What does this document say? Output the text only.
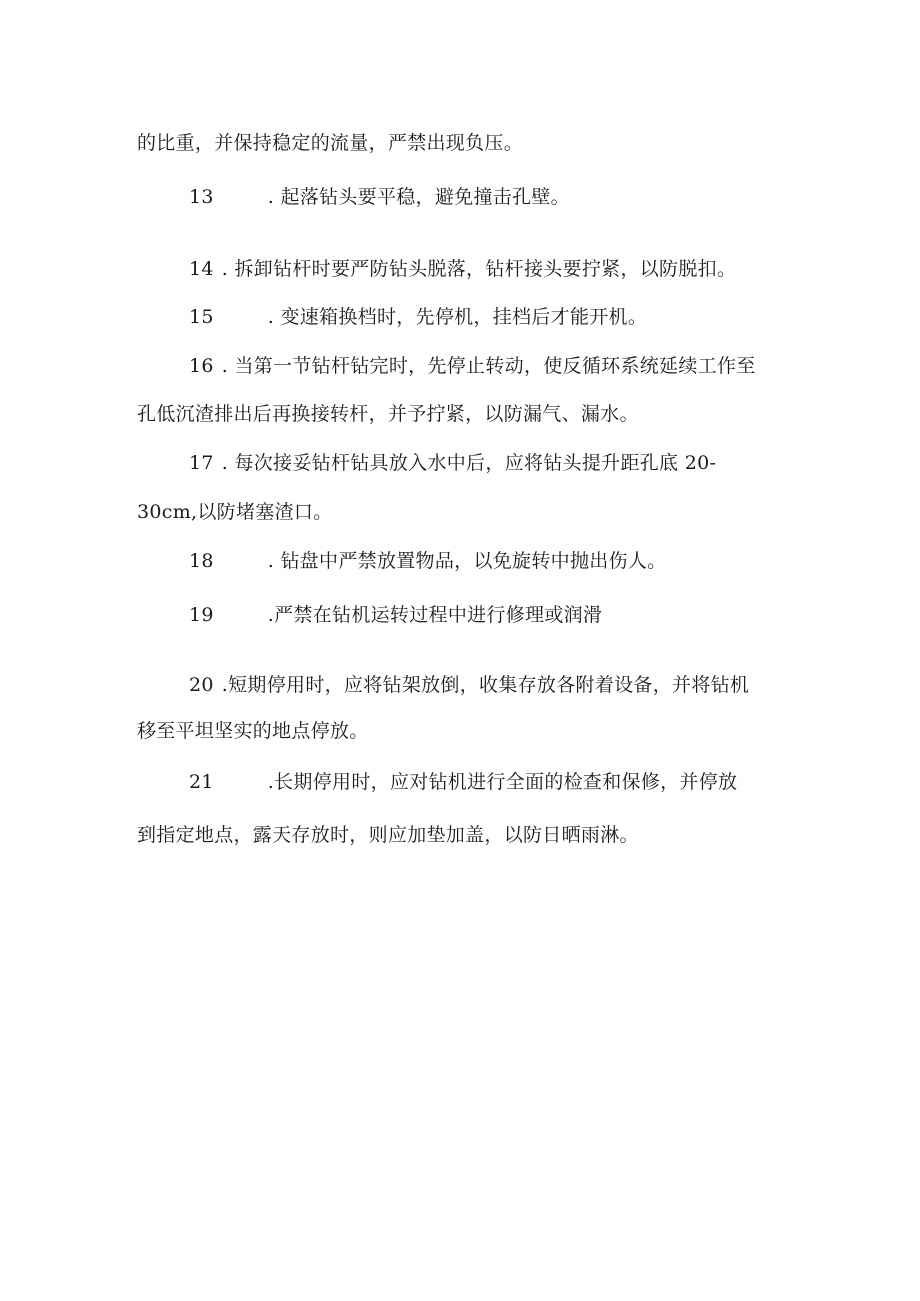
的比重，并保持稳定的流量，严禁出现负压。
13	. 起落钻头要平稳，避免撞击孔壁。
14 . 拆卸钻杆时要严防钻头脱落，钻杆接头要拧紧，以防脱扣。
15	. 变速箱换档时，先停机，挂档后才能开机。
16 . 当第一节钻杆钻完时，先停止转动，使反循环系统延续工作至
孔低沉渣排出后再换接转杆，并予拧紧，以防漏气、漏水。
17 . 每次接妥钻杆钻具放入水中后，应将钻头提升距孔底 20-
30cm,以防堵塞渣口。
18	. 钻盘中严禁放置物品，以免旋转中抛出伤人。
19	.严禁在钻机运转过程中进行修理或润滑
20 .短期停用时，应将钻架放倒，收集存放各附着设备，并将钻机
移至平坦坚实的地点停放。
21	.长期停用时，应对钻机进行全面的检查和保修，并停放
到指定地点，露天存放时，则应加垫加盖，以防日晒雨淋。
